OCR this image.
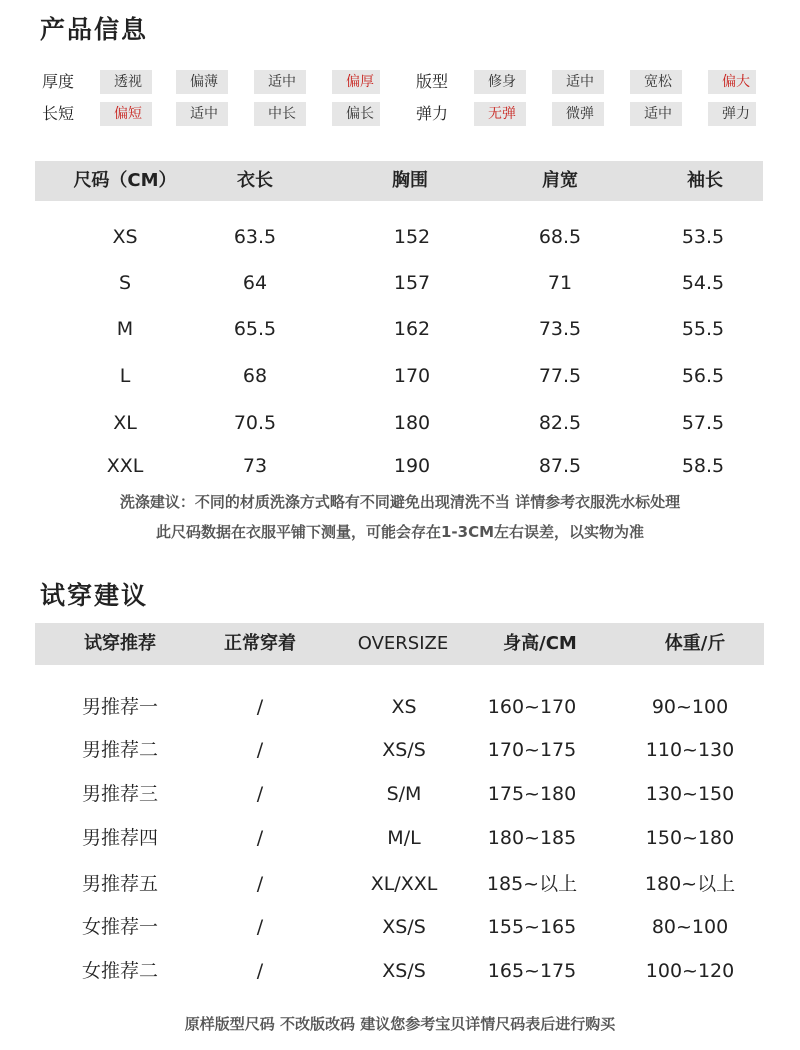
产品信息
厚度	透视	偏薄	适中	偏厚	版型	修身	适中	宽松	偏大
长短	偏短	适中	中长	偏长	弹力	无弹	微弹	适中	弹力
尺码（CM）	衣长	胸围	肩宽	袖长
XS	63.5	152	68.5	53.5
S	64	157	71	54.5
M	65.5	162	73.5	55.5
L	68	170	77.5	56.5
XL	70.5	180	82.5	57.5
XXL	73	190	87.5	58.5
洗涤建议：不同的材质洗涤方式略有不同避免出现清洗不当 详情参考衣服洗水标处理
此尺码数据在衣服平铺下测量，可能会存在1-3CM左右误差，以实物为准
试穿建议
试穿推荐	正常穿着	OVERSIZE	身高/CM	体重/斤
男推荐一	/	XS	160~170	90~100
男推荐二	/	XS/S	170~175	110~130
男推荐三	/	S/M	175~180	130~150
男推荐四	/	M/L	180~185	150~180
男推荐五	/	XL/XXL	185~以上	180~以上
女推荐一	/	XS/S	155~165	80~100
女推荐二	/	XS/S	165~175	100~120
原样版型尺码 不改版改码 建议您参考宝贝详情尺码表后进行购买
